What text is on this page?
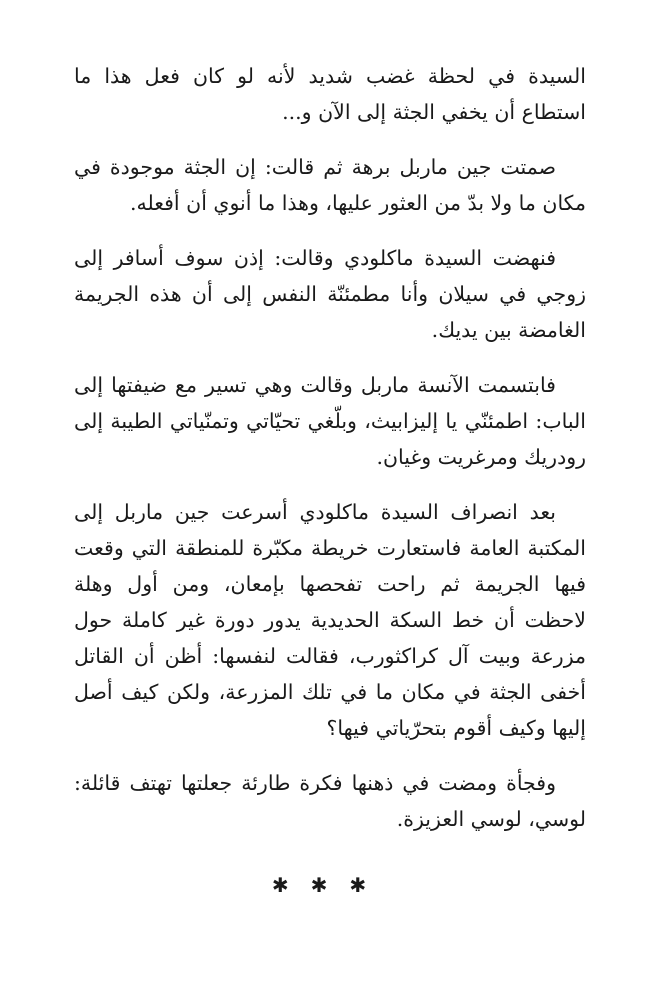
السيدة في لحظة غضب شديد لأنه لو كان فعل هذا ما استطاع أن يخفي الجثة إلى الآن و...

صمتت جين ماربل برهة ثم قالت: إن الجثة موجودة في مكان ما ولا بدّ من العثور عليها، وهذا ما أنوي أن أفعله.

فنهضت السيدة ماكلودي وقالت: إذن سوف أسافر إلى زوجي في سيلان وأنا مطمئنّة النفس إلى أن هذه الجريمة الغامضة بين يديك.

فابتسمت الآنسة ماربل وقالت وهي تسير مع ضيفتها إلى الباب: اطمئنّي يا إليزابيث، وبلّغي تحيّاتي وتمنّياتي الطيبة إلى رودريك ومرغريت وغيان.

بعد انصراف السيدة ماكلودي أسرعت جين ماربل إلى المكتبة العامة فاستعارت خريطة مكبّرة للمنطقة التي وقعت فيها الجريمة ثم راحت تفحصها بإمعان، ومن أول وهلة لاحظت أن خط السكة الحديدية يدور دورة غير كاملة حول مزرعة وبيت آل كراكثورب، فقالت لنفسها: أظن أن القاتل أخفى الجثة في مكان ما في تلك المزرعة، ولكن كيف أصل إليها وكيف أقوم بتحرّياتي فيها؟

وفجأة ومضت في ذهنها فكرة طارئة جعلتها تهتف قائلة: لوسي، لوسي العزيزة.

✱✱✱
